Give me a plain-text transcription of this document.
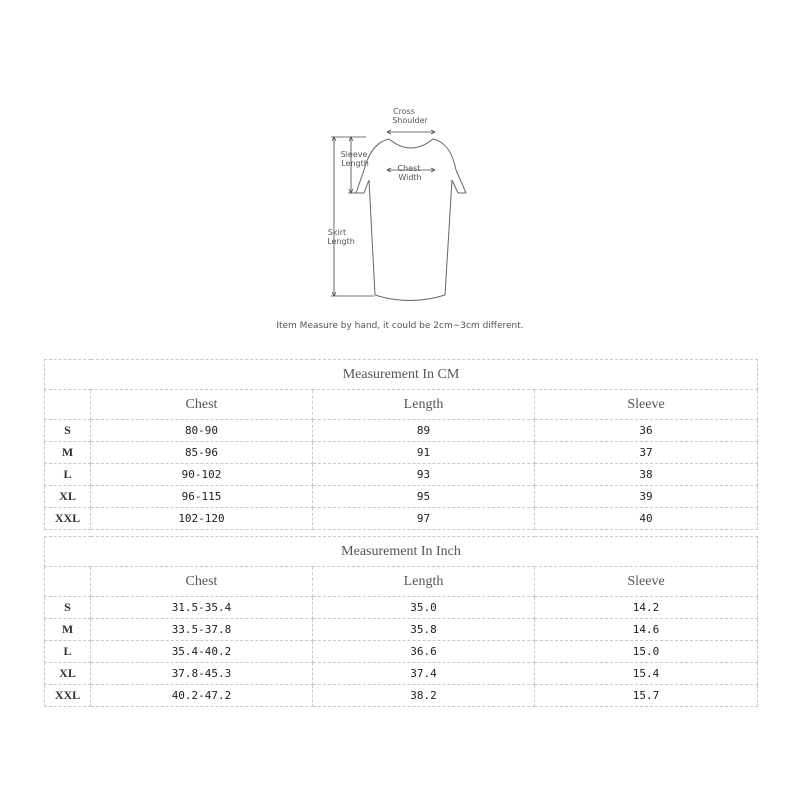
Cross
Shoulder
Chest
Width
Sleeve
Length
Skirt
Length
Item Measure by hand, it could be 2cm~3cm different.
Measurement In CM			
	Chest	Length	Sleeve
S	80-90	89	36
M	85-96	91	37
L	90-102	93	38
XL	96-115	95	39
XXL	102-120	97	40
Measurement In Inch			
	Chest	Length	Sleeve
S	31.5-35.4	35.0	14.2
M	33.5-37.8	35.8	14.6
L	35.4-40.2	36.6	15.0
XL	37.8-45.3	37.4	15.4
XXL	40.2-47.2	38.2	15.7
